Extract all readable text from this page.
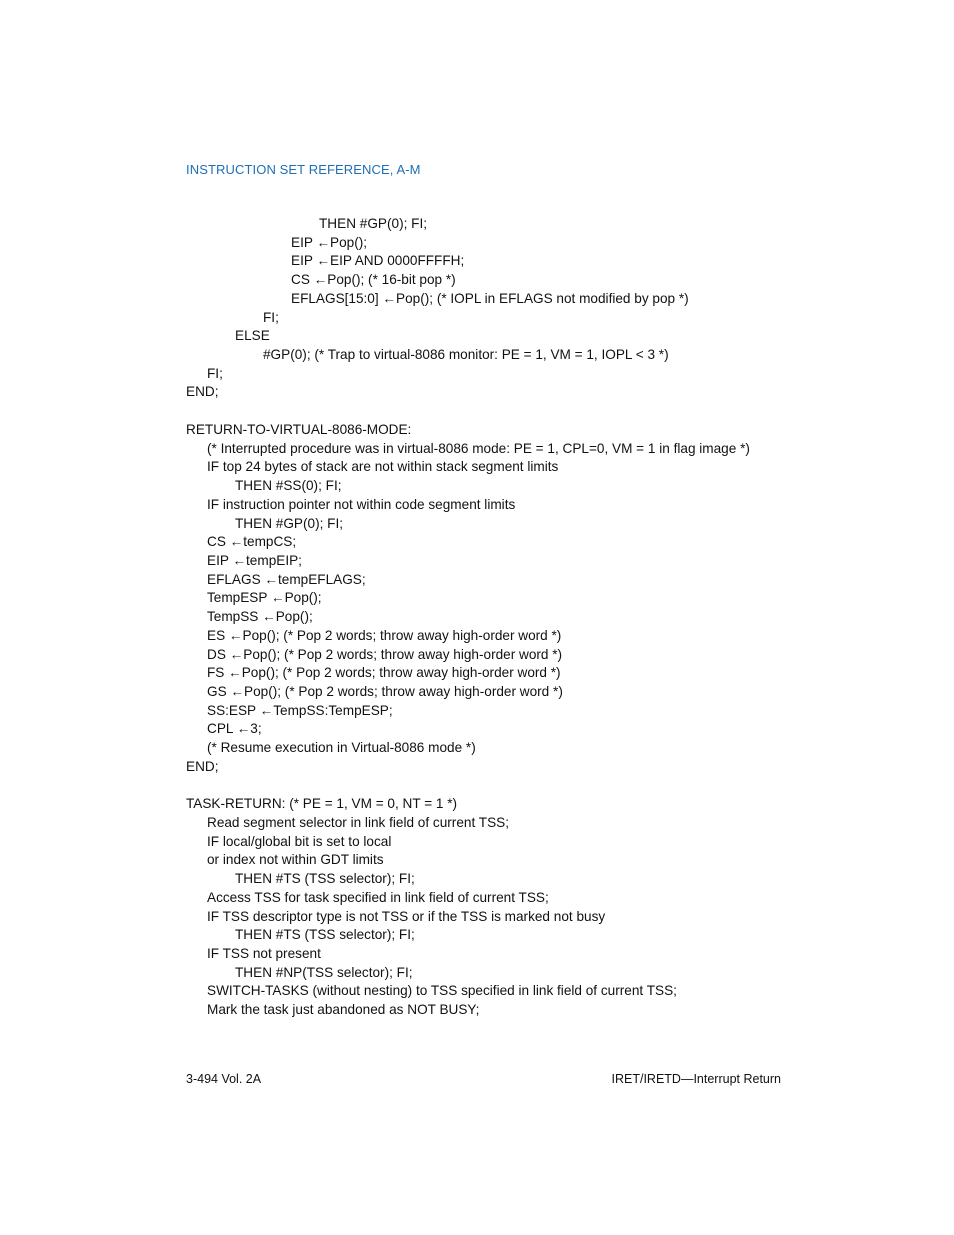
INSTRUCTION SET REFERENCE, A-M
THEN #GP(0); FI;
EIP ←Pop();
EIP ←EIP AND 0000FFFFH;
CS ←Pop(); (* 16-bit pop *)
EFLAGS[15:0] ←Pop(); (* IOPL in EFLAGS not modified by pop *)
FI;
ELSE
#GP(0); (* Trap to virtual-8086 monitor: PE = 1, VM = 1, IOPL < 3 *)
FI;
END;
RETURN-TO-VIRTUAL-8086-MODE:
(* Interrupted procedure was in virtual-8086 mode: PE = 1, CPL=0, VM = 1 in flag image *)
IF top 24 bytes of stack are not within stack segment limits
THEN #SS(0); FI;
IF instruction pointer not within code segment limits
THEN #GP(0); FI;
CS ←tempCS;
EIP ←tempEIP;
EFLAGS ←tempEFLAGS;
TempESP ←Pop();
TempSS ←Pop();
ES ←Pop(); (* Pop 2 words; throw away high-order word *)
DS ←Pop(); (* Pop 2 words; throw away high-order word *)
FS ←Pop(); (* Pop 2 words; throw away high-order word *)
GS ←Pop(); (* Pop 2 words; throw away high-order word *)
SS:ESP ←TempSS:TempESP;
CPL ←3;
(* Resume execution in Virtual-8086 mode *)
END;
TASK-RETURN: (* PE = 1, VM = 0, NT = 1 *)
Read segment selector in link field of current TSS;
IF local/global bit is set to local
or index not within GDT limits
THEN #TS (TSS selector); FI;
Access TSS for task specified in link field of current TSS;
IF TSS descriptor type is not TSS or if the TSS is marked not busy
THEN #TS (TSS selector); FI;
IF TSS not present
THEN #NP(TSS selector); FI;
SWITCH-TASKS (without nesting) to TSS specified in link field of current TSS;
Mark the task just abandoned as NOT BUSY;
3-494 Vol. 2A	IRET/IRETD—Interrupt Return
